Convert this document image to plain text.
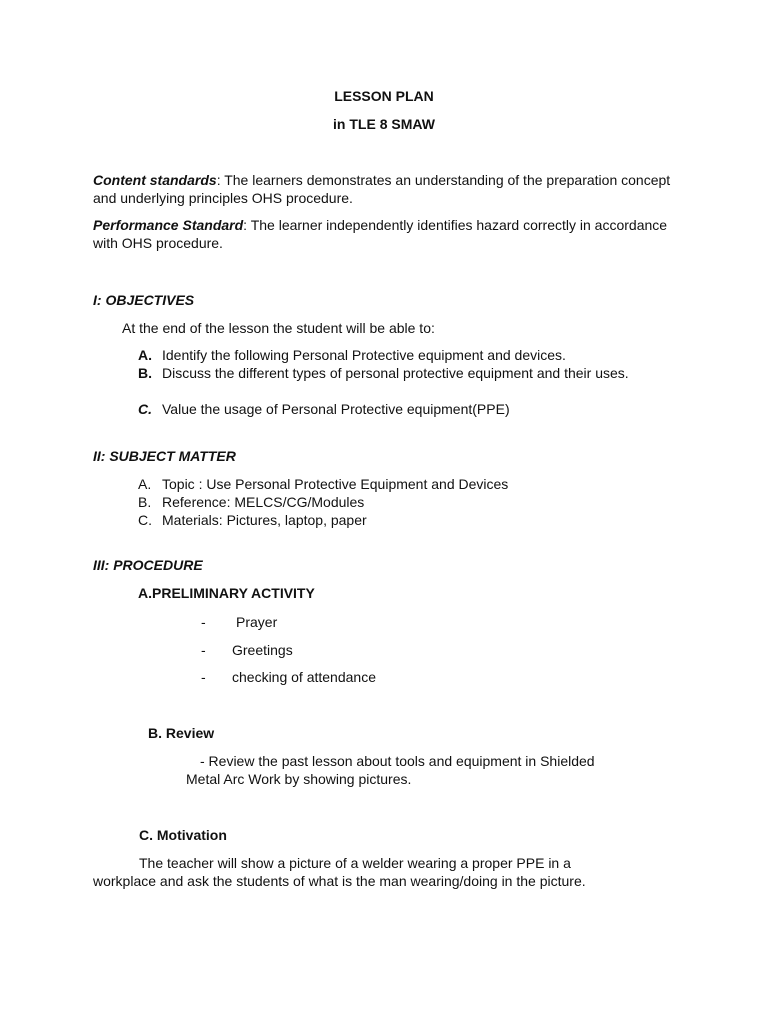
LESSON PLAN
in TLE 8 SMAW
Content standards: The learners demonstrates an understanding of the preparation concept and underlying principles OHS procedure.
Performance Standard: The learner independently identifies hazard correctly in accordance with OHS procedure.
I: OBJECTIVES
At the end of the lesson the student will be able to:
A. Identify the following Personal Protective equipment and devices.
B. Discuss the different types of personal protective equipment and their uses.
C. Value the usage of Personal Protective equipment(PPE)
II: SUBJECT MATTER
A. Topic : Use Personal Protective Equipment and Devices
B. Reference: MELCS/CG/Modules
C. Materials: Pictures, laptop, paper
III: PROCEDURE
A.PRELIMINARY ACTIVITY
- Prayer
- Greetings
- checking of attendance
B. Review
- Review the past lesson about tools and equipment in Shielded
Metal Arc Work by showing pictures.
C. Motivation
The teacher will show a picture of a welder wearing a proper PPE in a
workplace and ask the students of what is the man wearing/doing in the picture.
